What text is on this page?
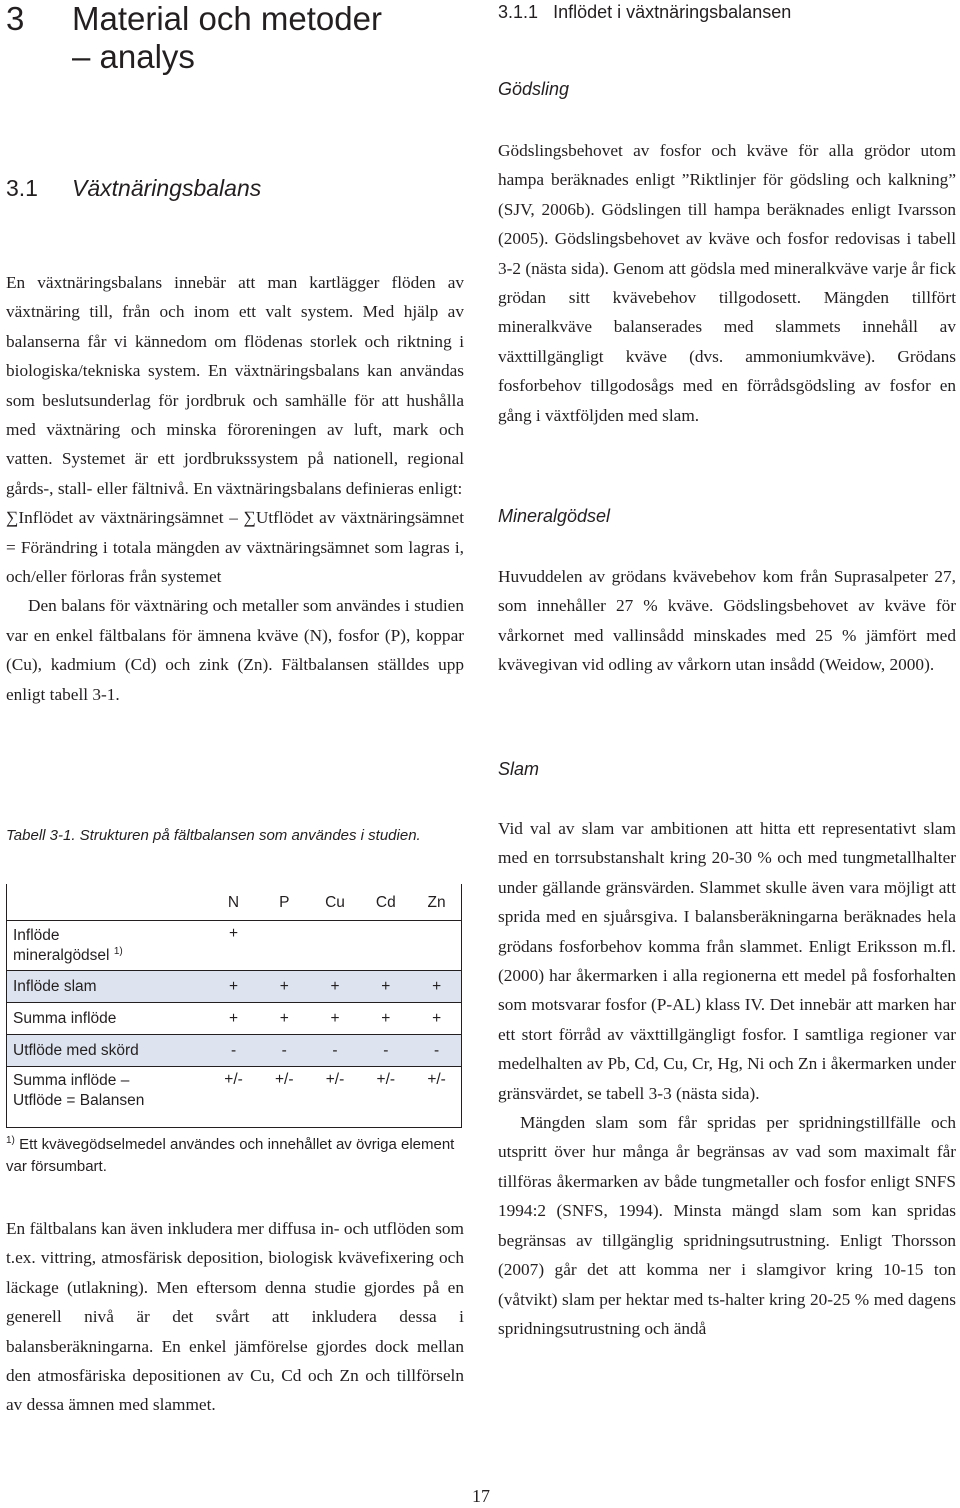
3 Material och metoder
– analys
3.1 Växtnäringsbalans

En växtnäringsbalans innebär att man kartlägger flöden av växtnäring till, från och inom ett valt system. Med hjälp av balanserna får vi kännedom om flödenas storlek och riktning i biologiska/tekniska system. En växtnäringsbalans kan användas som beslutsunderlag för jordbruk och samhälle för att hushålla med växtnäring och minska föroreningen av luft, mark och vatten. Systemet är ett jordbrukssystem på nationell, regional gårds-, stall- eller fältnivå. En växtnäringsbalans definieras enligt:

∑Inflödet av växtnäringsämnet – ∑Utflödet av växtnäringsämnet = Förändring i totala mängden av växtnäringsämnet som lagras i, och/eller förloras från systemet

Den balans för växtnäring och metaller som användes i studien var en enkel fältbalans för ämnena kväve (N), fosfor (P), koppar (Cu), kadmium (Cd) och zink (Zn). Fältbalansen ställdes upp enligt tabell 3-1.

Tabell 3-1. Strukturen på fältbalansen som användes i studien.

	N	P	Cu	Cd	Zn
Inflöde
mineralgödsel $^{1)}$	+				
Inflöde slam	+	+	+	+	+
Summa inflöde	+	+	+	+	+
Utflöde med skörd	-	-	-	-	-
Summa inflöde –
Utflöde = Balansen	+/-	+/-	+/-	+/-	+/-

$^{1)}$ Ett kvävegödselmedel användes och innehållet av övriga element var försumbart.

En fältbalans kan även inkludera mer diffusa in- och utflöden som t.ex. vittring, atmosfärisk deposition, biologisk kvävefixering och läckage (utlakning). Men eftersom denna studie gjordes på en generell nivå är det svårt att inkludera dessa i balansberäkningarna. En enkel jämförelse gjordes dock mellan den atmosfäriska depositionen av Cu, Cd och Zn och tillförseln av dessa ämnen med slammet.

3.1.1 Inflödet i växtnäringsbalansen
Gödsling

Gödslingsbehovet av fosfor och kväve för alla grödor utom hampa beräknades enligt ”Riktlinjer för gödsling och kalkning” (SJV, 2006b). Gödslingen till hampa beräknades enligt Ivarsson (2005). Gödslingsbehovet av kväve och fosfor redovisas i tabell 3-2 (nästa sida). Genom att gödsla med mineralkväve varje år fick grödan sitt kvävebehov tillgodosett. Mängden tillfört mineralkväve balanserades med slammets innehåll av växttillgängligt kväve (dvs. ammoniumkväve). Grödans fosforbehov tillgodosågs med en förrådsgödsling av fosfor en gång i växtföljden med slam.

Mineralgödsel

Huvuddelen av grödans kvävebehov kom från Suprasalpeter 27, som innehåller 27 % kväve. Gödslingsbehovet av kväve för vårkornet med vallinsådd minskades med 25 % jämfört med kvävegivan vid odling av vårkorn utan insådd (Weidow, 2000).

Slam

Vid val av slam var ambitionen att hitta ett representativt slam med en torrsubstanshalt kring 20-30 % och med tungmetallhalter under gällande gränsvärden. Slammet skulle även vara möjligt att sprida med en sjuårsgiva. I balansberäkningarna beräknades hela grödans fosforbehov komma från slammet. Enligt Eriksson m.fl. (2000) har åkermarken i alla regionerna ett medel på fosforhalten som motsvarar fosfor (P-AL) klass IV. Det innebär att marken har ett stort förråd av växttillgängligt fosfor. I samtliga regioner var medelhalten av Pb, Cd, Cu, Cr, Hg, Ni och Zn i åkermarken under gränsvärdet, se tabell 3-3 (nästa sida).

Mängden slam som får spridas per spridningstillfälle och utspritt över hur många år begränsas av vad som maximalt får tillföras åkermarken av både tungmetaller och fosfor enligt SNFS 1994:2 (SNFS, 1994). Minsta mängd slam som kan spridas begränsas av tillgänglig spridningsutrustning. Enligt Thorsson (2007) går det att komma ner i slamgivor kring 10-15 ton (våtvikt) slam per hektar med ts-halter kring 20-25 % med dagens spridningsutrustning och ändå

17
